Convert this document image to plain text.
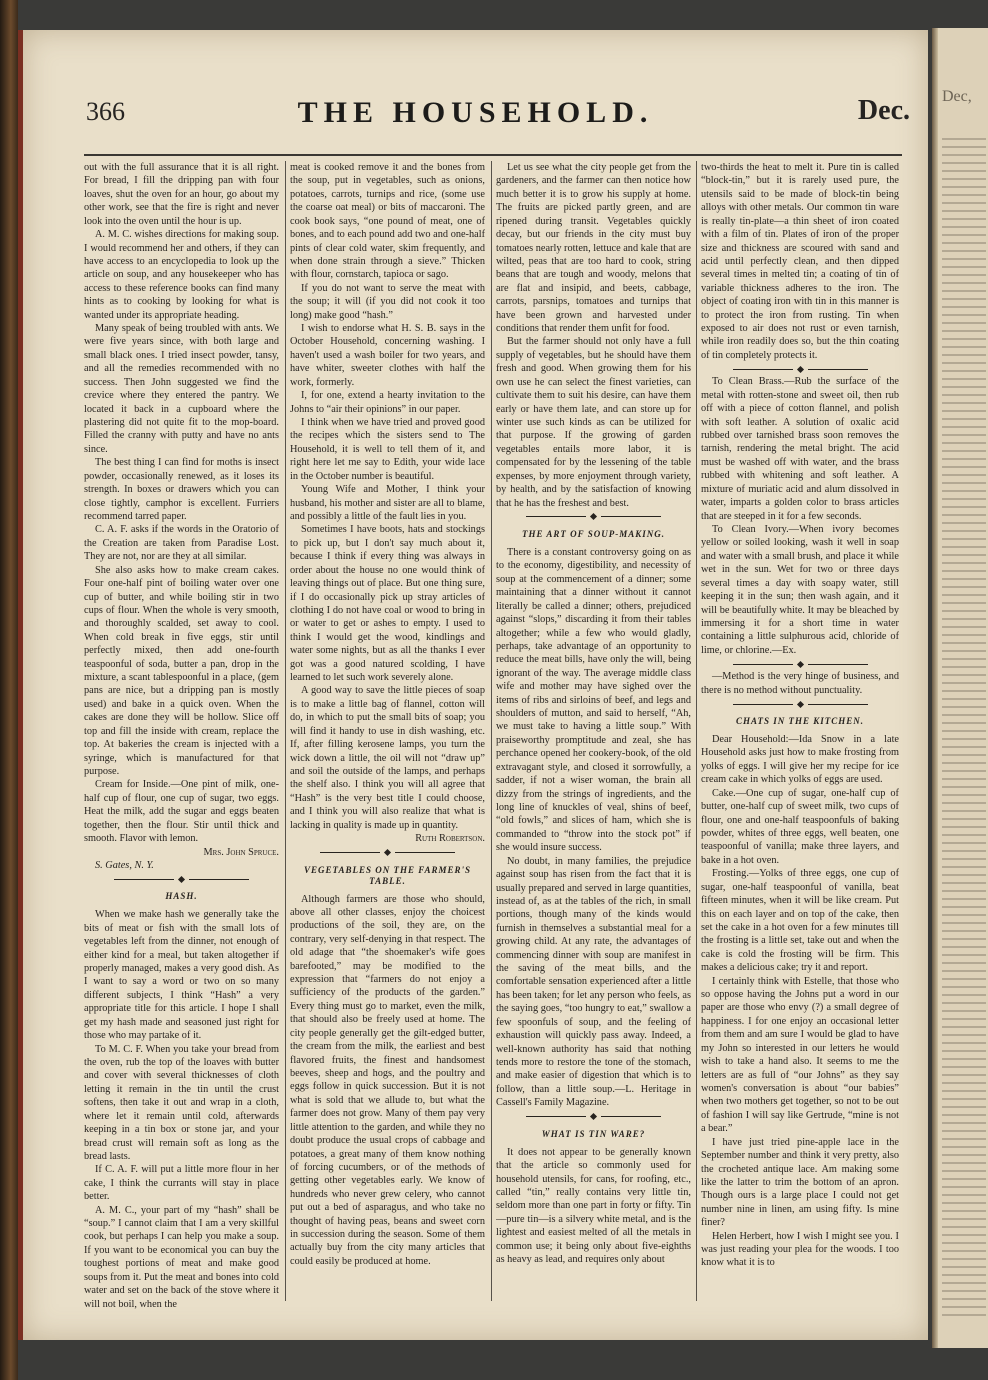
366	THE HOUSEHOLD.	Dec.

out with the full assurance that it is all right. For bread, I fill the dripping pan with four loaves, shut the oven for an hour, go about my other work, see that the fire is right and never look into the oven until the hour is up.

A. M. C. wishes directions for making soup. I would recommend her and others, if they can have access to an encyclopedia to look up the article on soup, and any housekeeper who has access to these reference books can find many hints as to cooking by looking for what is wanted under its appropriate heading.

Many speak of being troubled with ants. We were five years since, with both large and small black ones. I tried insect powder, tansy, and all the remedies recommended with no success. Then John suggested we find the crevice where they entered the pantry. We located it back in a cupboard where the plastering did not quite fit to the mop-board. Filled the cranny with putty and have no ants since.

The best thing I can find for moths is insect powder, occasionally renewed, as it loses its strength. In boxes or drawers which you can close tightly, camphor is excellent. Furriers recommend tarred paper.

C. A. F. asks if the words in the Oratorio of the Creation are taken from Paradise Lost. They are not, nor are they at all similar.

She also asks how to make cream cakes. Four one-half pint of boiling water over one cup of butter, and while boiling stir in two cups of flour. When the whole is very smooth, and thoroughly scalded, set away to cool. When cold break in five eggs, stir until perfectly mixed, then add one-fourth teaspoonful of soda, butter a pan, drop in the mixture, a scant tablespoonful in a place, (gem pans are nice, but a dripping pan is mostly used) and bake in a quick oven. When the cakes are done they will be hollow. Slice off top and fill the inside with cream, replace the top. At bakeries the cream is injected with a syringe, which is manufactured for that purpose.

Cream for Inside.—One pint of milk, one-half cup of flour, one cup of sugar, two eggs. Heat the milk, add the sugar and eggs beaten together, then the flour. Stir until thick and smooth. Flavor with lemon.

Mrs. John Spruce.

S. Gates, N. Y.

HASH.

When we make hash we generally take the bits of meat or fish with the small lots of vegetables left from the dinner, not enough of either kind for a meal, but taken altogether if properly managed, makes a very good dish. As I want to say a word or two on so many different subjects, I think “Hash” a very appropriate title for this article. I hope I shall get my hash made and seasoned just right for those who may partake of it.

To M. C. F. When you take your bread from the oven, rub the top of the loaves with butter and cover with several thicknesses of cloth letting it remain in the tin until the crust softens, then take it out and wrap in a cloth, where let it remain until cold, afterwards keeping in a tin box or stone jar, and your bread crust will remain soft as long as the bread lasts.

If C. A. F. will put a little more flour in her cake, I think the currants will stay in place better.

A. M. C., your part of my “hash” shall be “soup.” I cannot claim that I am a very skillful cook, but perhaps I can help you make a soup. If you want to be economical you can buy the toughest portions of meat and make good soups from it. Put the meat and bones into cold water and set on the back of the stove where it will not boil, when the

meat is cooked remove it and the bones from the soup, put in vegetables, such as onions, potatoes, carrots, turnips and rice, (some use the coarse oat meal) or bits of maccaroni. The cook book says, “one pound of meat, one of bones, and to each pound add two and one-half pints of clear cold water, skim frequently, and when done strain through a sieve.” Thicken with flour, cornstarch, tapioca or sago.

If you do not want to serve the meat with the soup; it will (if you did not cook it too long) make good “hash.”

I wish to endorse what H. S. B. says in the October Household, concerning washing. I haven't used a wash boiler for two years, and have whiter, sweeter clothes with half the work, formerly.

I, for one, extend a hearty invitation to the Johns to “air their opinions” in our paper.

I think when we have tried and proved good the recipes which the sisters send to The Household, it is well to tell them of it, and right here let me say to Edith, your wide lace in the October number is beautiful.

Young Wife and Mother, I think your husband, his mother and sister are all to blame, and possibly a little of the fault lies in you.

Sometimes I have boots, hats and stockings to pick up, but I don't say much about it, because I think if every thing was always in order about the house no one would think of leaving things out of place. But one thing sure, if I do occasionally pick up stray articles of clothing I do not have coal or wood to bring in or water to get or ashes to empty. I used to think I would get the wood, kindlings and water some nights, but as all the thanks I ever got was a good natured scolding, I have learned to let such work severely alone.

A good way to save the little pieces of soap is to make a little bag of flannel, cotton will do, in which to put the small bits of soap; you will find it handy to use in dish washing, etc. If, after filling kerosene lamps, you turn the wick down a little, the oil will not “draw up” and soil the outside of the lamps, and perhaps the shelf also. I think you will all agree that “Hash” is the very best title I could choose, and I think you will also realize that what is lacking in quality is made up in quantity.

Ruth Robertson.

VEGETABLES ON THE FARMER'S TABLE.

Although farmers are those who should, above all other classes, enjoy the choicest productions of the soil, they are, on the contrary, very self-denying in that respect. The old adage that “the shoemaker's wife goes barefooted,” may be modified to the expression that “farmers do not enjoy a sufficiency of the products of the garden.” Every thing must go to market, even the milk, that should also be freely used at home. The city people generally get the gilt-edged butter, the cream from the milk, the earliest and best flavored fruits, the finest and handsomest beeves, sheep and hogs, and the poultry and eggs follow in quick succession. But it is not what is sold that we allude to, but what the farmer does not grow. Many of them pay very little attention to the garden, and while they no doubt produce the usual crops of cabbage and potatoes, a great many of them know nothing of forcing cucumbers, or of the methods of getting other vegetables early. We know of hundreds who never grew celery, who cannot put out a bed of asparagus, and who take no thought of having peas, beans and sweet corn in succession during the season. Some of them actually buy from the city many articles that could easily be produced at home.

Let us see what the city people get from the gardeners, and the farmer can then notice how much better it is to grow his supply at home. The fruits are picked partly green, and are ripened during transit. Vegetables quickly decay, but our friends in the city must buy tomatoes nearly rotten, lettuce and kale that are wilted, peas that are too hard to cook, string beans that are tough and woody, melons that are flat and insipid, and beets, cabbage, carrots, parsnips, tomatoes and turnips that have been grown and harvested under conditions that render them unfit for food.

But the farmer should not only have a full supply of vegetables, but he should have them fresh and good. When growing them for his own use he can select the finest varieties, can cultivate them to suit his desire, can have them early or have them late, and can store up for winter use such kinds as can be utilized for that purpose. If the growing of garden vegetables entails more labor, it is compensated for by the lessening of the table expenses, by more enjoyment through variety, by health, and by the satisfaction of knowing that he has the freshest and best.

THE ART OF SOUP-MAKING.

There is a constant controversy going on as to the economy, digestibility, and necessity of soup at the commencement of a dinner; some maintaining that a dinner without it cannot literally be called a dinner; others, prejudiced against “slops,” discarding it from their tables altogether; while a few who would gladly, perhaps, take advantage of an opportunity to reduce the meat bills, have only the will, being ignorant of the way. The average middle class wife and mother may have sighed over the items of ribs and sirloins of beef, and legs and shoulders of mutton, and said to herself, “Ah, we must take to having a little soup.” With praiseworthy promptitude and zeal, she has perchance opened her cookery-book, of the old extravagant style, and closed it sorrowfully, a sadder, if not a wiser woman, the brain all dizzy from the strings of ingredients, and the long line of knuckles of veal, shins of beef, “old fowls,” and slices of ham, which she is commanded to “throw into the stock pot” if she would insure success.

No doubt, in many families, the prejudice against soup has risen from the fact that it is usually prepared and served in large quantities, instead of, as at the tables of the rich, in small portions, though many of the kinds would furnish in themselves a substantial meal for a growing child. At any rate, the advantages of commencing dinner with soup are manifest in the saving of the meat bills, and the comfortable sensation experienced after a little has been taken; for let any person who feels, as the saying goes, “too hungry to eat,” swallow a few spoonfuls of soup, and the feeling of exhaustion will quickly pass away. Indeed, a well-known authority has said that nothing tends more to restore the tone of the stomach, and make easier of digestion that which is to follow, than a little soup.—L. Heritage in Cassell's Family Magazine.

WHAT IS TIN WARE?

It does not appear to be generally known that the article so commonly used for household utensils, for cans, for roofing, etc., called “tin,” really contains very little tin, seldom more than one part in forty or fifty. Tin—pure tin—is a silvery white metal, and is the lightest and easiest melted of all the metals in common use; it being only about five-eighths as heavy as lead, and requires only about

two-thirds the heat to melt it. Pure tin is called “block-tin,” but it is rarely used pure, the utensils said to be made of block-tin being alloys with other metals. Our common tin ware is really tin-plate—a thin sheet of iron coated with a film of tin. Plates of iron of the proper size and thickness are scoured with sand and acid until perfectly clean, and then dipped several times in melted tin; a coating of tin of variable thickness adheres to the iron. The object of coating iron with tin in this manner is to protect the iron from rusting. Tin when exposed to air does not rust or even tarnish, while iron readily does so, but the thin coating of tin completely protects it.

To Clean Brass.—Rub the surface of the metal with rotten-stone and sweet oil, then rub off with a piece of cotton flannel, and polish with soft leather. A solution of oxalic acid rubbed over tarnished brass soon removes the tarnish, rendering the metal bright. The acid must be washed off with water, and the brass rubbed with whitening and soft leather. A mixture of muriatic acid and alum dissolved in water, imparts a golden color to brass articles that are steeped in it for a few seconds.

To Clean Ivory.—When ivory becomes yellow or soiled looking, wash it well in soap and water with a small brush, and place it while wet in the sun. Wet for two or three days several times a day with soapy water, still keeping it in the sun; then wash again, and it will be beautifully white. It may be bleached by immersing it for a short time in water containing a little sulphurous acid, chloride of lime, or chlorine.—Ex.

—Method is the very hinge of business, and there is no method without punctuality.

CHATS IN THE KITCHEN.

Dear Household:—Ida Snow in a late Household asks just how to make frosting from yolks of eggs. I will give her my recipe for ice cream cake in which yolks of eggs are used.

Cake.—One cup of sugar, one-half cup of butter, one-half cup of sweet milk, two cups of flour, one and one-half teaspoonfuls of baking powder, whites of three eggs, well beaten, one teaspoonful of vanilla; make three layers, and bake in a hot oven.

Frosting.—Yolks of three eggs, one cup of sugar, one-half teaspoonful of vanilla, beat fifteen minutes, when it will be like cream. Put this on each layer and on top of the cake, then set the cake in a hot oven for a few minutes till the frosting is a little set, take out and when the cake is cold the frosting will be firm. This makes a delicious cake; try it and report.

I certainly think with Estelle, that those who so oppose having the Johns put a word in our paper are those who envy (?) a small degree of happiness. I for one enjoy an occasional letter from them and am sure I would be glad to have my John so interested in our letters he would wish to take a hand also. It seems to me the letters are as full of “our Johns” as they say women's conversation is about “our babies” when two mothers get together, so not to be out of fashion I will say like Gertrude, “mine is not a bear.”

I have just tried pine-apple lace in the September number and think it very pretty, also the crocheted antique lace. Am making some like the latter to trim the bottom of an apron. Though ours is a large place I could not get number nine in linen, am using fifty. Is mine finer?

Helen Herbert, how I wish I might see you. I was just reading your plea for the woods. I too know what it is to

Dec,
